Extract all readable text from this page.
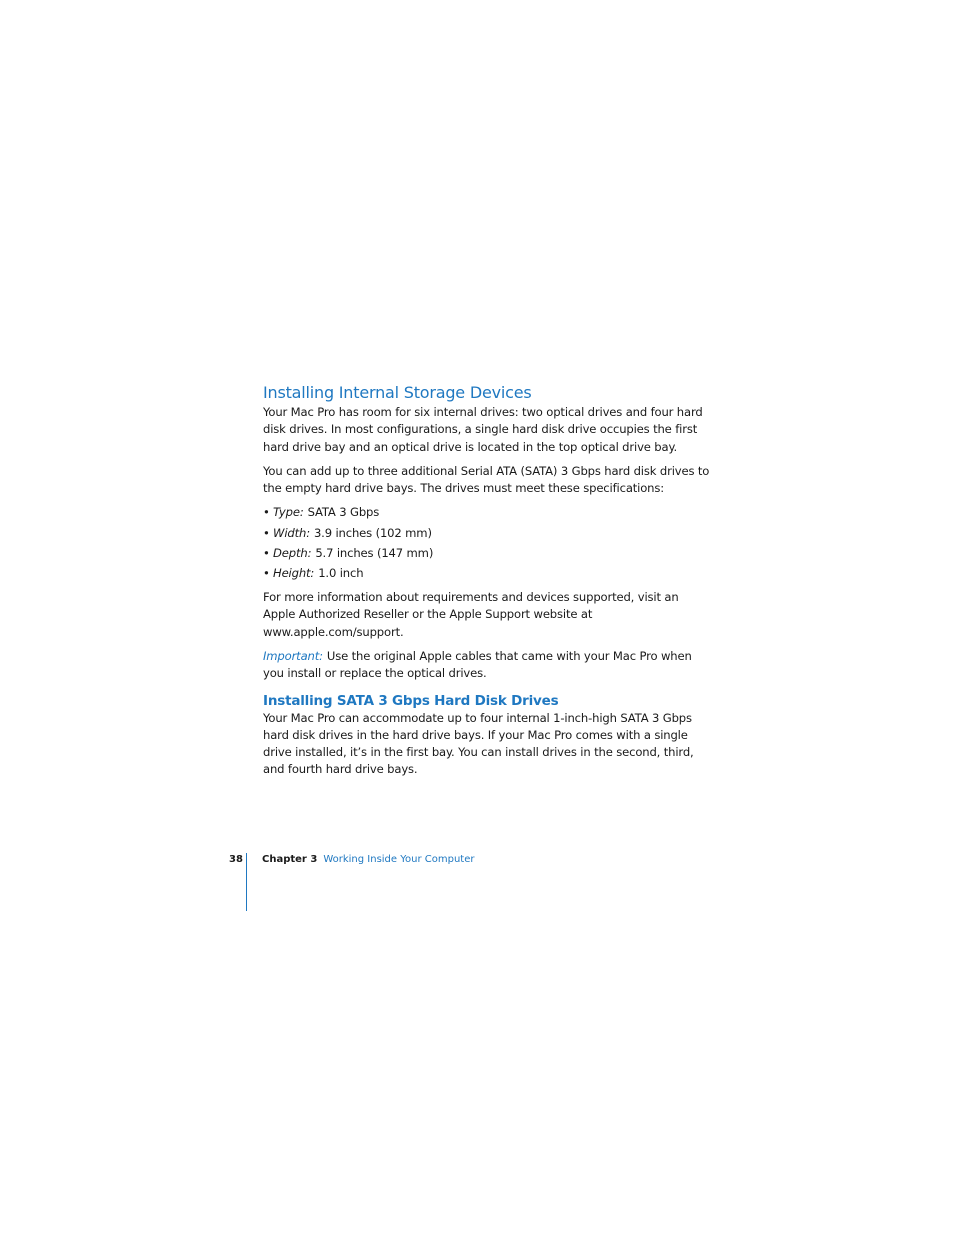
Installing Internal Storage Devices

Your Mac Pro has room for six internal drives: two optical drives and four hard disk drives. In most configurations, a single hard disk drive occupies the first hard drive bay and an optical drive is located in the top optical drive bay.

You can add up to three additional Serial ATA (SATA) 3 Gbps hard disk drives to the empty hard drive bays. The drives must meet these specifications:

• Type: SATA 3 Gbps
• Width: 3.9 inches (102 mm)
• Depth: 5.7 inches (147 mm)
• Height: 1.0 inch

For more information about requirements and devices supported, visit an Apple Authorized Reseller or the Apple Support website at www.apple.com/support.

Important: Use the original Apple cables that came with your Mac Pro when you install or replace the optical drives.

Installing SATA 3 Gbps Hard Disk Drives

Your Mac Pro can accommodate up to four internal 1-inch-high SATA 3 Gbps hard disk drives in the hard drive bays. If your Mac Pro comes with a single drive installed, it’s in the first bay. You can install drives in the second, third, and fourth hard drive bays.

38 Chapter 3 Working Inside Your Computer
